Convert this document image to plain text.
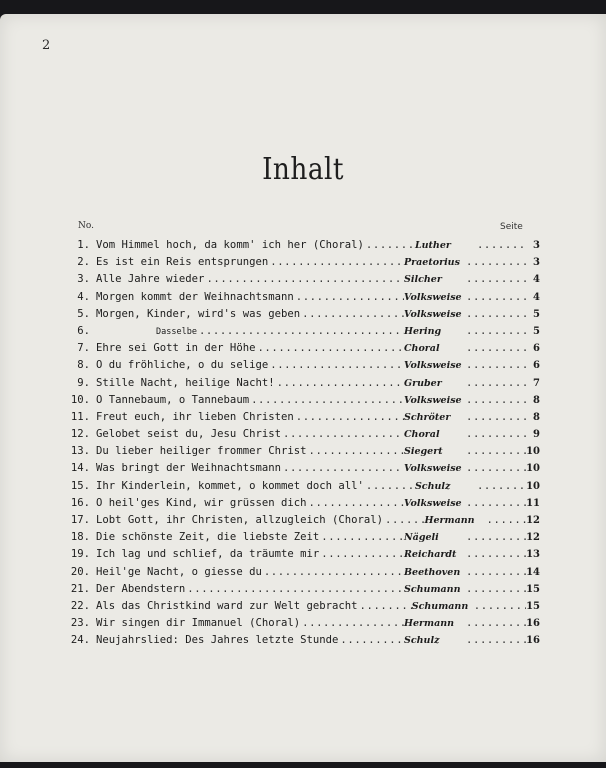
2
Inhalt
No.	Seite
1. Vom Himmel hoch, da komm' ich her (Choral) .....	Luther .....	3
2. Es ist ein Reis entsprungen .....	Praetorius .....	3
3. Alle Jahre wieder .....	Silcher .....	4
4. Morgen kommt der Weihnachtsmann .....	Volksweise .....	4
5. Morgen, Kinder, wird's was geben .....	Volksweise .....	5
6.	Dasselbe .....	Hering .....	5
7. Ehre sei Gott in der Höhe .....	Choral .....	6
8. O du fröhliche, o du selige .....	Volksweise .....	6
9. Stille Nacht, heilige Nacht! .....	Gruber .....	7
10. O Tannebaum, o Tannebaum .....	Volksweise .....	8
11. Freut euch, ihr lieben Christen .....	Schröter .....	8
12. Gelobet seist du, Jesu Christ .....	Choral .....	9
13. Du lieber heiliger frommer Christ .....	Siegert .....	10
14. Was bringt der Weihnachtsmann .....	Volksweise .....	10
15. Ihr Kinderlein, kommet, o kommet doch all' .....	Schulz .....	10
16. O heil'ges Kind, wir grüssen dich .....	Volksweise .....	11
17. Lobt Gott, ihr Christen, allzugleich (Choral) .....	Hermann .....	12
18. Die schönste Zeit, die liebste Zeit .....	Nägeli .....	12
19. Ich lag und schlief, da träumte mir .....	Reichardt .....	13
20. Heil'ge Nacht, o giesse du .....	Beethoven .....	14
21. Der Abendstern .....	Schumann .....	15
22. Als das Christkind ward zur Welt gebracht .....	Schumann .....	15
23. Wir singen dir Immanuel (Choral) .....	Hermann .....	16
24. Neujahrslied: Des Jahres letzte Stunde .....	Schulz .....	16
